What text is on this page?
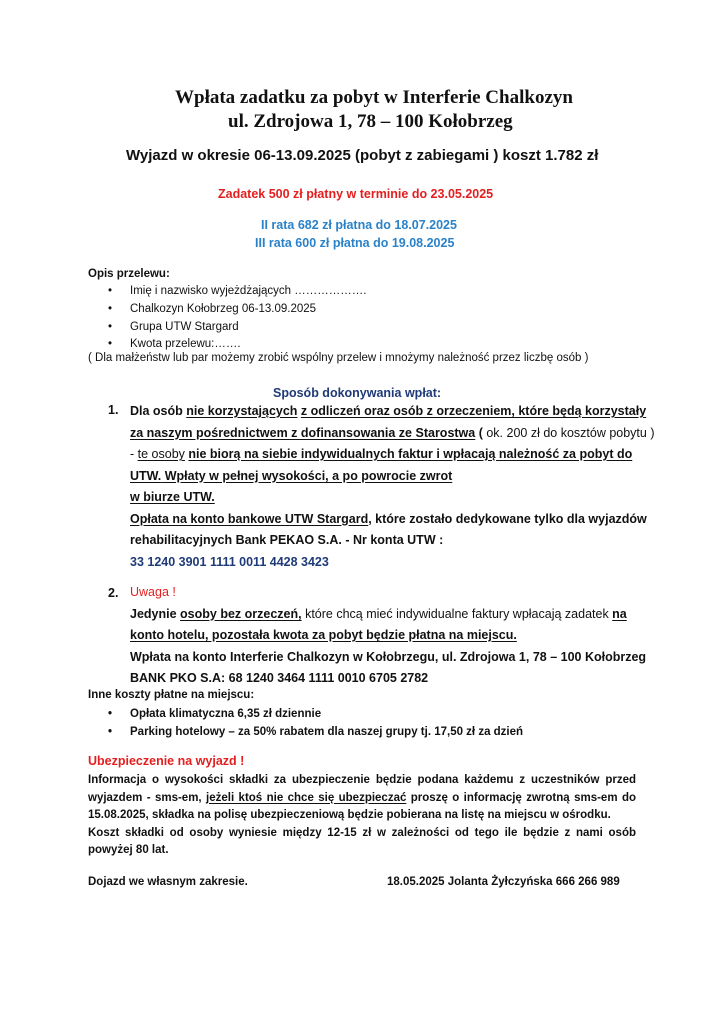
Wpłata zadatku za pobyt w Interferie Chalkozyn
ul. Zdrojowa 1, 78 – 100 Kołobrzeg
Wyjazd w okresie 06-13.09.2025 (pobyt z zabiegami ) koszt 1.782 zł
Zadatek 500 zł płatny w terminie do 23.05.2025
II rata 682 zł płatna do 18.07.2025
III rata 600 zł płatna do 19.08.2025
Opis przelewu:
• Imię i nazwisko wyjeżdżających ……………….
• Chalkozyn Kołobrzeg 06-13.09.2025
• Grupa UTW Stargard
• Kwota przelewu:…….
( Dla małżeństw lub par możemy zrobić wspólny przelew i mnożymy należność przez liczbę osób )
Sposób dokonywania wpłat:
1. Dla osób nie korzystających z odliczeń oraz osób z orzeczeniem, które będą korzystały za naszym pośrednictwem z dofinansowania ze Starostwa ( ok. 200 zł do kosztów pobytu ) - te osoby nie biorą na siebie indywidualnych faktur i wpłacają należność za pobyt do UTW. Wpłaty w pełnej wysokości, a po powrocie zwrot
w biurze UTW.
Opłata na konto bankowe UTW Stargard, które zostało dedykowane tylko dla wyjazdów rehabilitacyjnych Bank PEKAO S.A. - Nr konta UTW :
33 1240 3901 1111 0011 4428 3423
2. Uwaga !
Jedynie osoby bez orzeczeń, które chcą mieć indywidualne faktury wpłacają zadatek na konto hotelu, pozostała kwota za pobyt będzie płatna na miejscu.
Wpłata na konto Interferie Chalkozyn w Kołobrzegu, ul. Zdrojowa 1, 78 – 100 Kołobrzeg BANK PKO S.A: 68 1240 3464 1111 0010 6705 2782
Inne koszty płatne na miejscu:
• Opłata klimatyczna 6,35 zł dziennie
• Parking hotelowy – za 50% rabatem dla naszej grupy tj. 17,50 zł za dzień
Ubezpieczenie na wyjazd !
Informacja o wysokości składki za ubezpieczenie będzie podana każdemu z uczestników przed wyjazdem - sms-em, jeżeli ktoś nie chce się ubezpieczać proszę o informację zwrotną sms-em do 15.08.2025, składka na polisę ubezpieczeniową będzie pobierana na listę na miejscu w ośrodku.
Koszt składki od osoby wyniesie między 12-15 zł w zależności od tego ile będzie z nami osób powyżej 80 lat.
Dojazd we własnym zakresie.	18.05.2025 Jolanta Żyłczyńska 666 266 989
